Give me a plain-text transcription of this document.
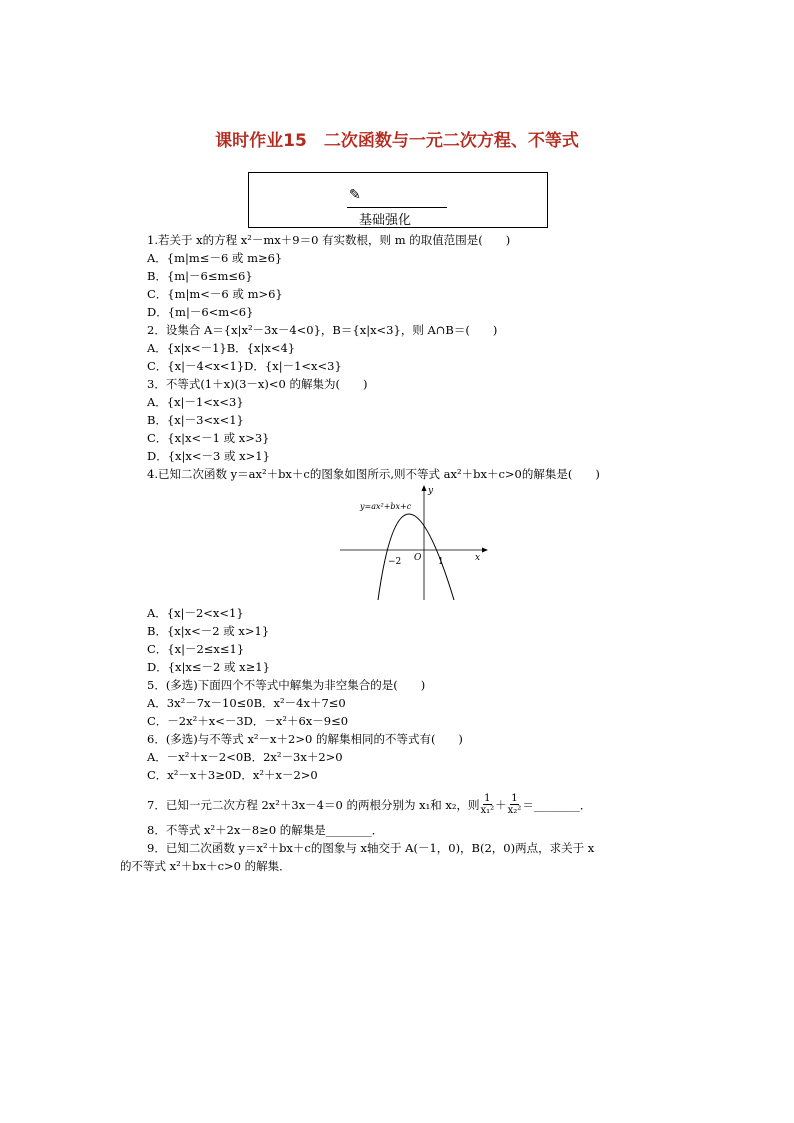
课时作业15　二次函数与一元二次方程、不等式
✎
基础强化
1.若关于 x的方程 x²－mx＋9＝0 有实数根，则 m 的取值范围是(　　)
A．{m|m≤－6 或 m≥6}
B．{m|－6≤m≤6}
C．{m|m<－6 或 m>6}
D．{m|－6<m<6}
2．设集合 A＝{x|x²－3x－4<0}，B＝{x|x<3}，则 A∩B＝(　　)
A．{x|x<－1}B．{x|x<4}
C．{x|－4<x<1}D．{x|－1<x<3}
3．不等式(1＋x)(3－x)<0 的解集为(　　)
A．{x|－1<x<3}
B．{x|－3<x<1}
C．{x|x<－1 或 x>3}
D．{x|x<－3 或 x>1}
4.已知二次函数 y＝ax²＋bx＋c的图象如图所示,则不等式 ax²＋bx＋c>0的解集是(　　)
y
x
y=ax²+bx+c
O
−2	1
A．{x|－2<x<1}
B．{x|x<－2 或 x>1}
C．{x|－2≤x≤1}
D．{x|x≤－2 或 x≥1}
5．(多选)下面四个不等式中解集为非空集合的是(　　)
A．3x²－7x－10≤0B．x²－4x＋7≤0
C．－2x²＋x<－3D．－x²＋6x－9≤0
6．(多选)与不等式 x²－x＋2>0 的解集相同的不等式有(　　)
A．－x²＋x－2<0B．2x²－3x＋2>0
C．x²－x＋3≥0D．x²＋x－2>0
7．已知一元二次方程 2x²＋3x－4＝0 的两根分别为 x₁和 x₂，则 $\frac{1}{\text{x₁²}} + \frac{1}{\text{x₂²}}$ ＝________．
8．不等式 x²＋2x－8≥0 的解集是________．
9．已知二次函数 y＝x²＋bx＋c的图象与 x轴交于 A(－1，0)，B(2，0)两点，求关于 x
的不等式 x²＋bx＋c>0 的解集．
